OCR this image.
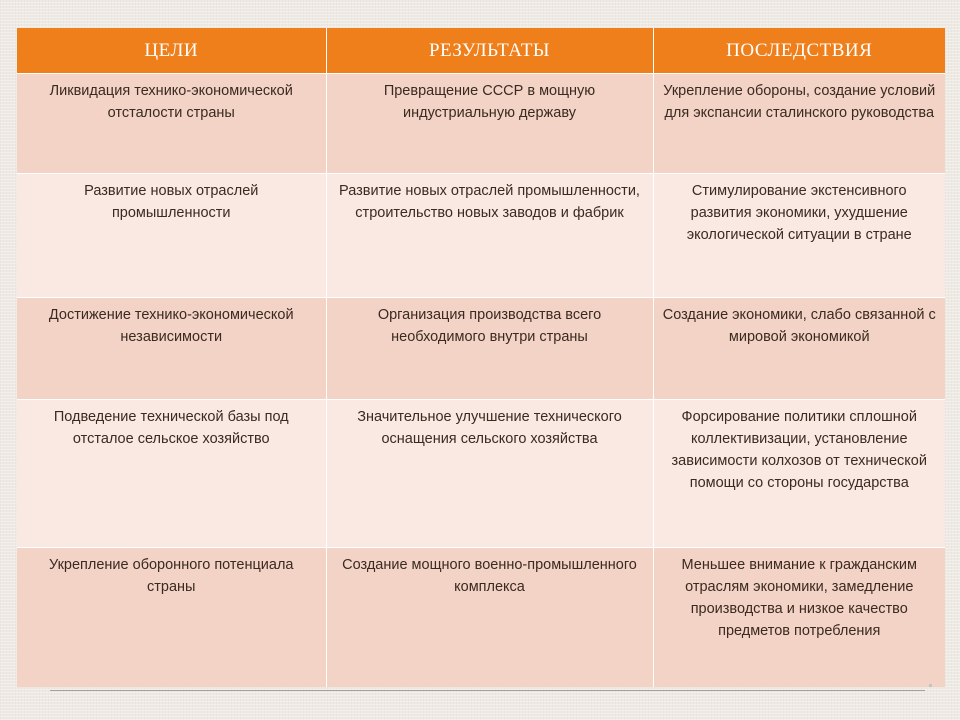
ЦЕЛИ	РЕЗУЛЬТАТЫ	ПОСЛЕДСТВИЯ
Ликвидация технико-экономической отсталости страны	Превращение СССР в мощную индустриальную державу	Укрепление обороны, создание условий для экспансии сталинского руководства
Развитие новых отраслей промышленности	Развитие новых отраслей промышленности, строительство новых заводов и фабрик	Стимулирование экстенсивного развития экономики, ухудшение экологической ситуации в стране
Достижение технико-экономической независимости	Организация производства всего необходимого внутри страны	Создание экономики, слабо связанной с мировой экономикой
Подведение технической базы под отсталое сельское хозяйство	Значительное улучшение технического оснащения сельского хозяйства	Форсирование политики сплошной коллективизации, установление зависимости колхозов от технической помощи со стороны государства
Укрепление оборонного потенциала страны	Создание мощного военно-промышленного комплекса	Меньшее внимание к гражданским отраслям экономики, замедление производства и низкое качество предметов потребления
